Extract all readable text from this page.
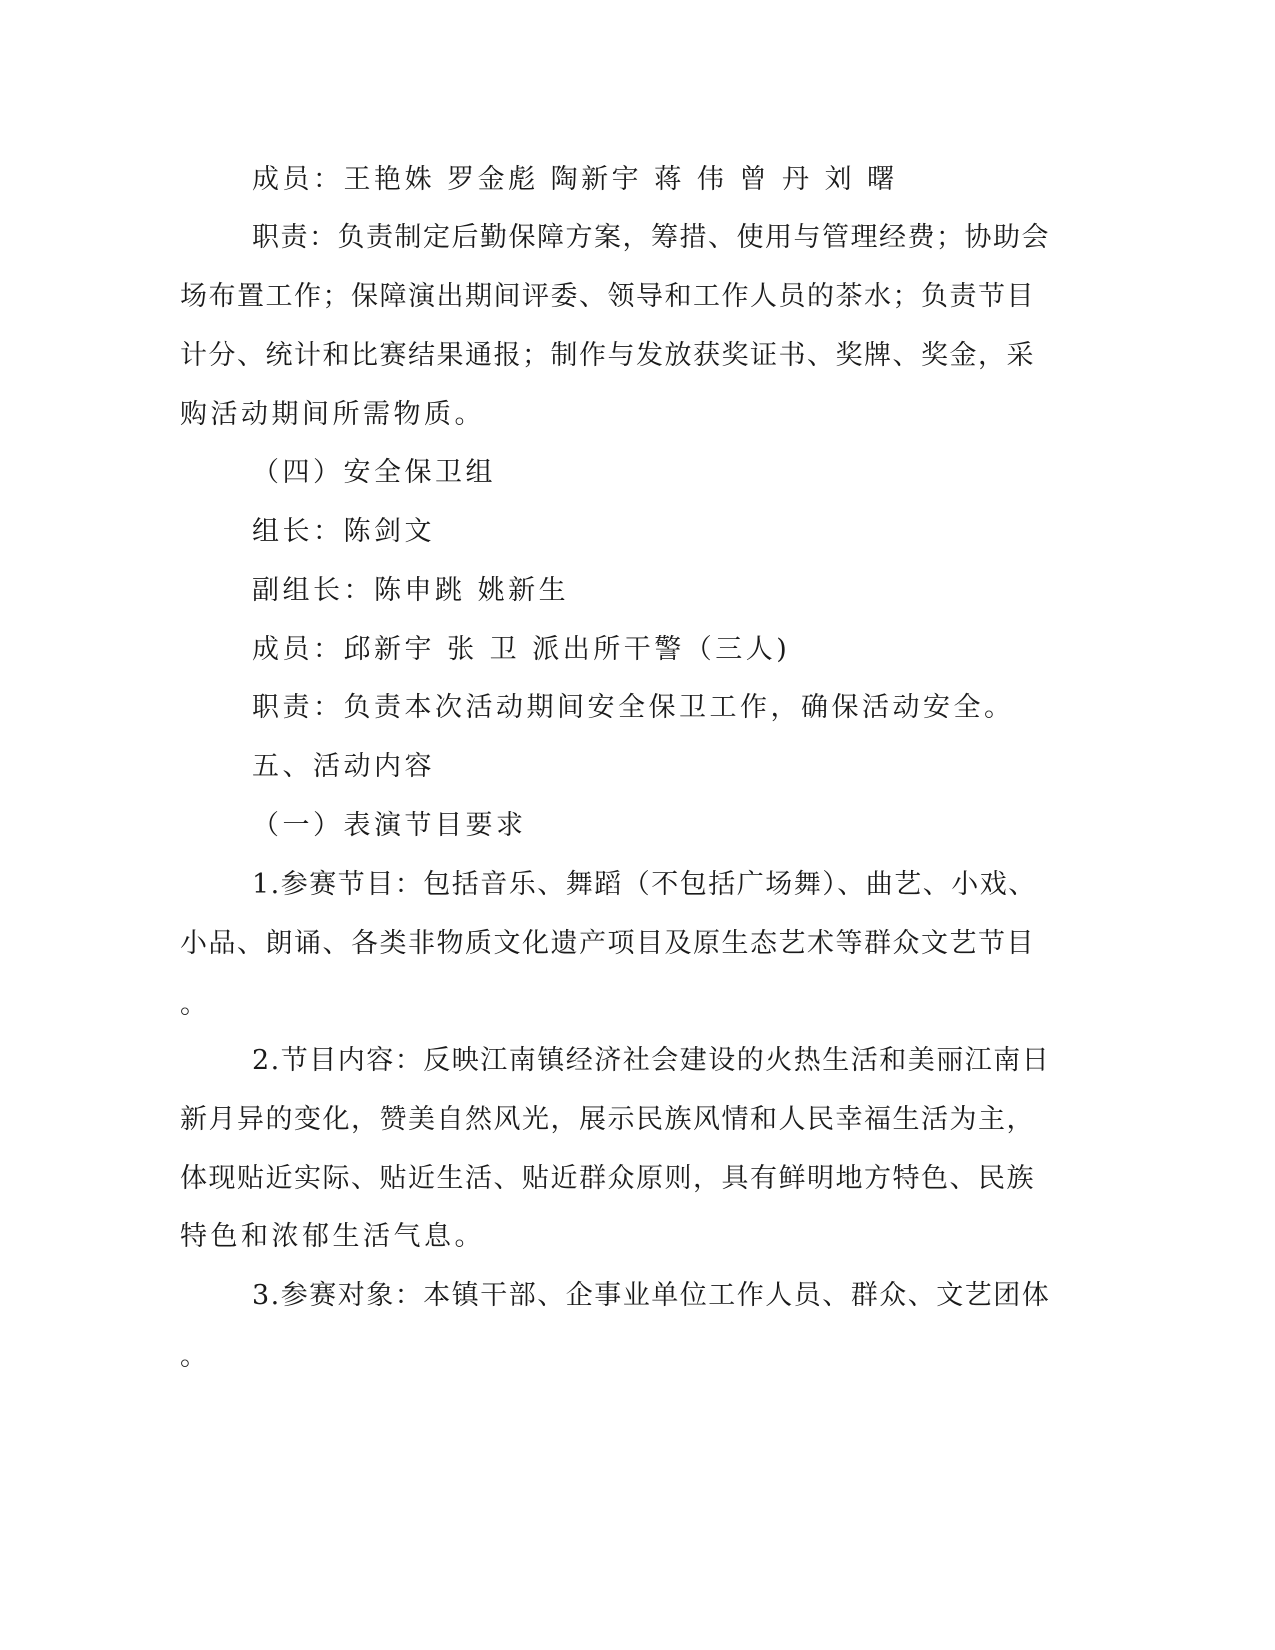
成员：王艳姝 罗金彪 陶新宇 蒋 伟 曾 丹 刘 曙

职责：负责制定后勤保障方案，筹措、使用与管理经费；协助会

场布置工作；保障演出期间评委、领导和工作人员的茶水；负责节目

计分、统计和比赛结果通报；制作与发放获奖证书、奖牌、奖金，采

购活动期间所需物质。

（四）安全保卫组

组长：陈剑文

副组长：陈申跳 姚新生

成员：邱新宇 张 卫 派出所干警（三人)

职责：负责本次活动期间安全保卫工作，确保活动安全。

五、活动内容

（一）表演节目要求

1.参赛节目：包括音乐、舞蹈（不包括广场舞）、曲艺、小戏、

小品、朗诵、各类非物质文化遗产项目及原生态艺术等群众文艺节目

。

2.节目内容：反映江南镇经济社会建设的火热生活和美丽江南日

新月异的变化，赞美自然风光，展示民族风情和人民幸福生活为主，

体现贴近实际、贴近生活、贴近群众原则，具有鲜明地方特色、民族

特色和浓郁生活气息。

3.参赛对象：本镇干部、企事业单位工作人员、群众、文艺团体

。
